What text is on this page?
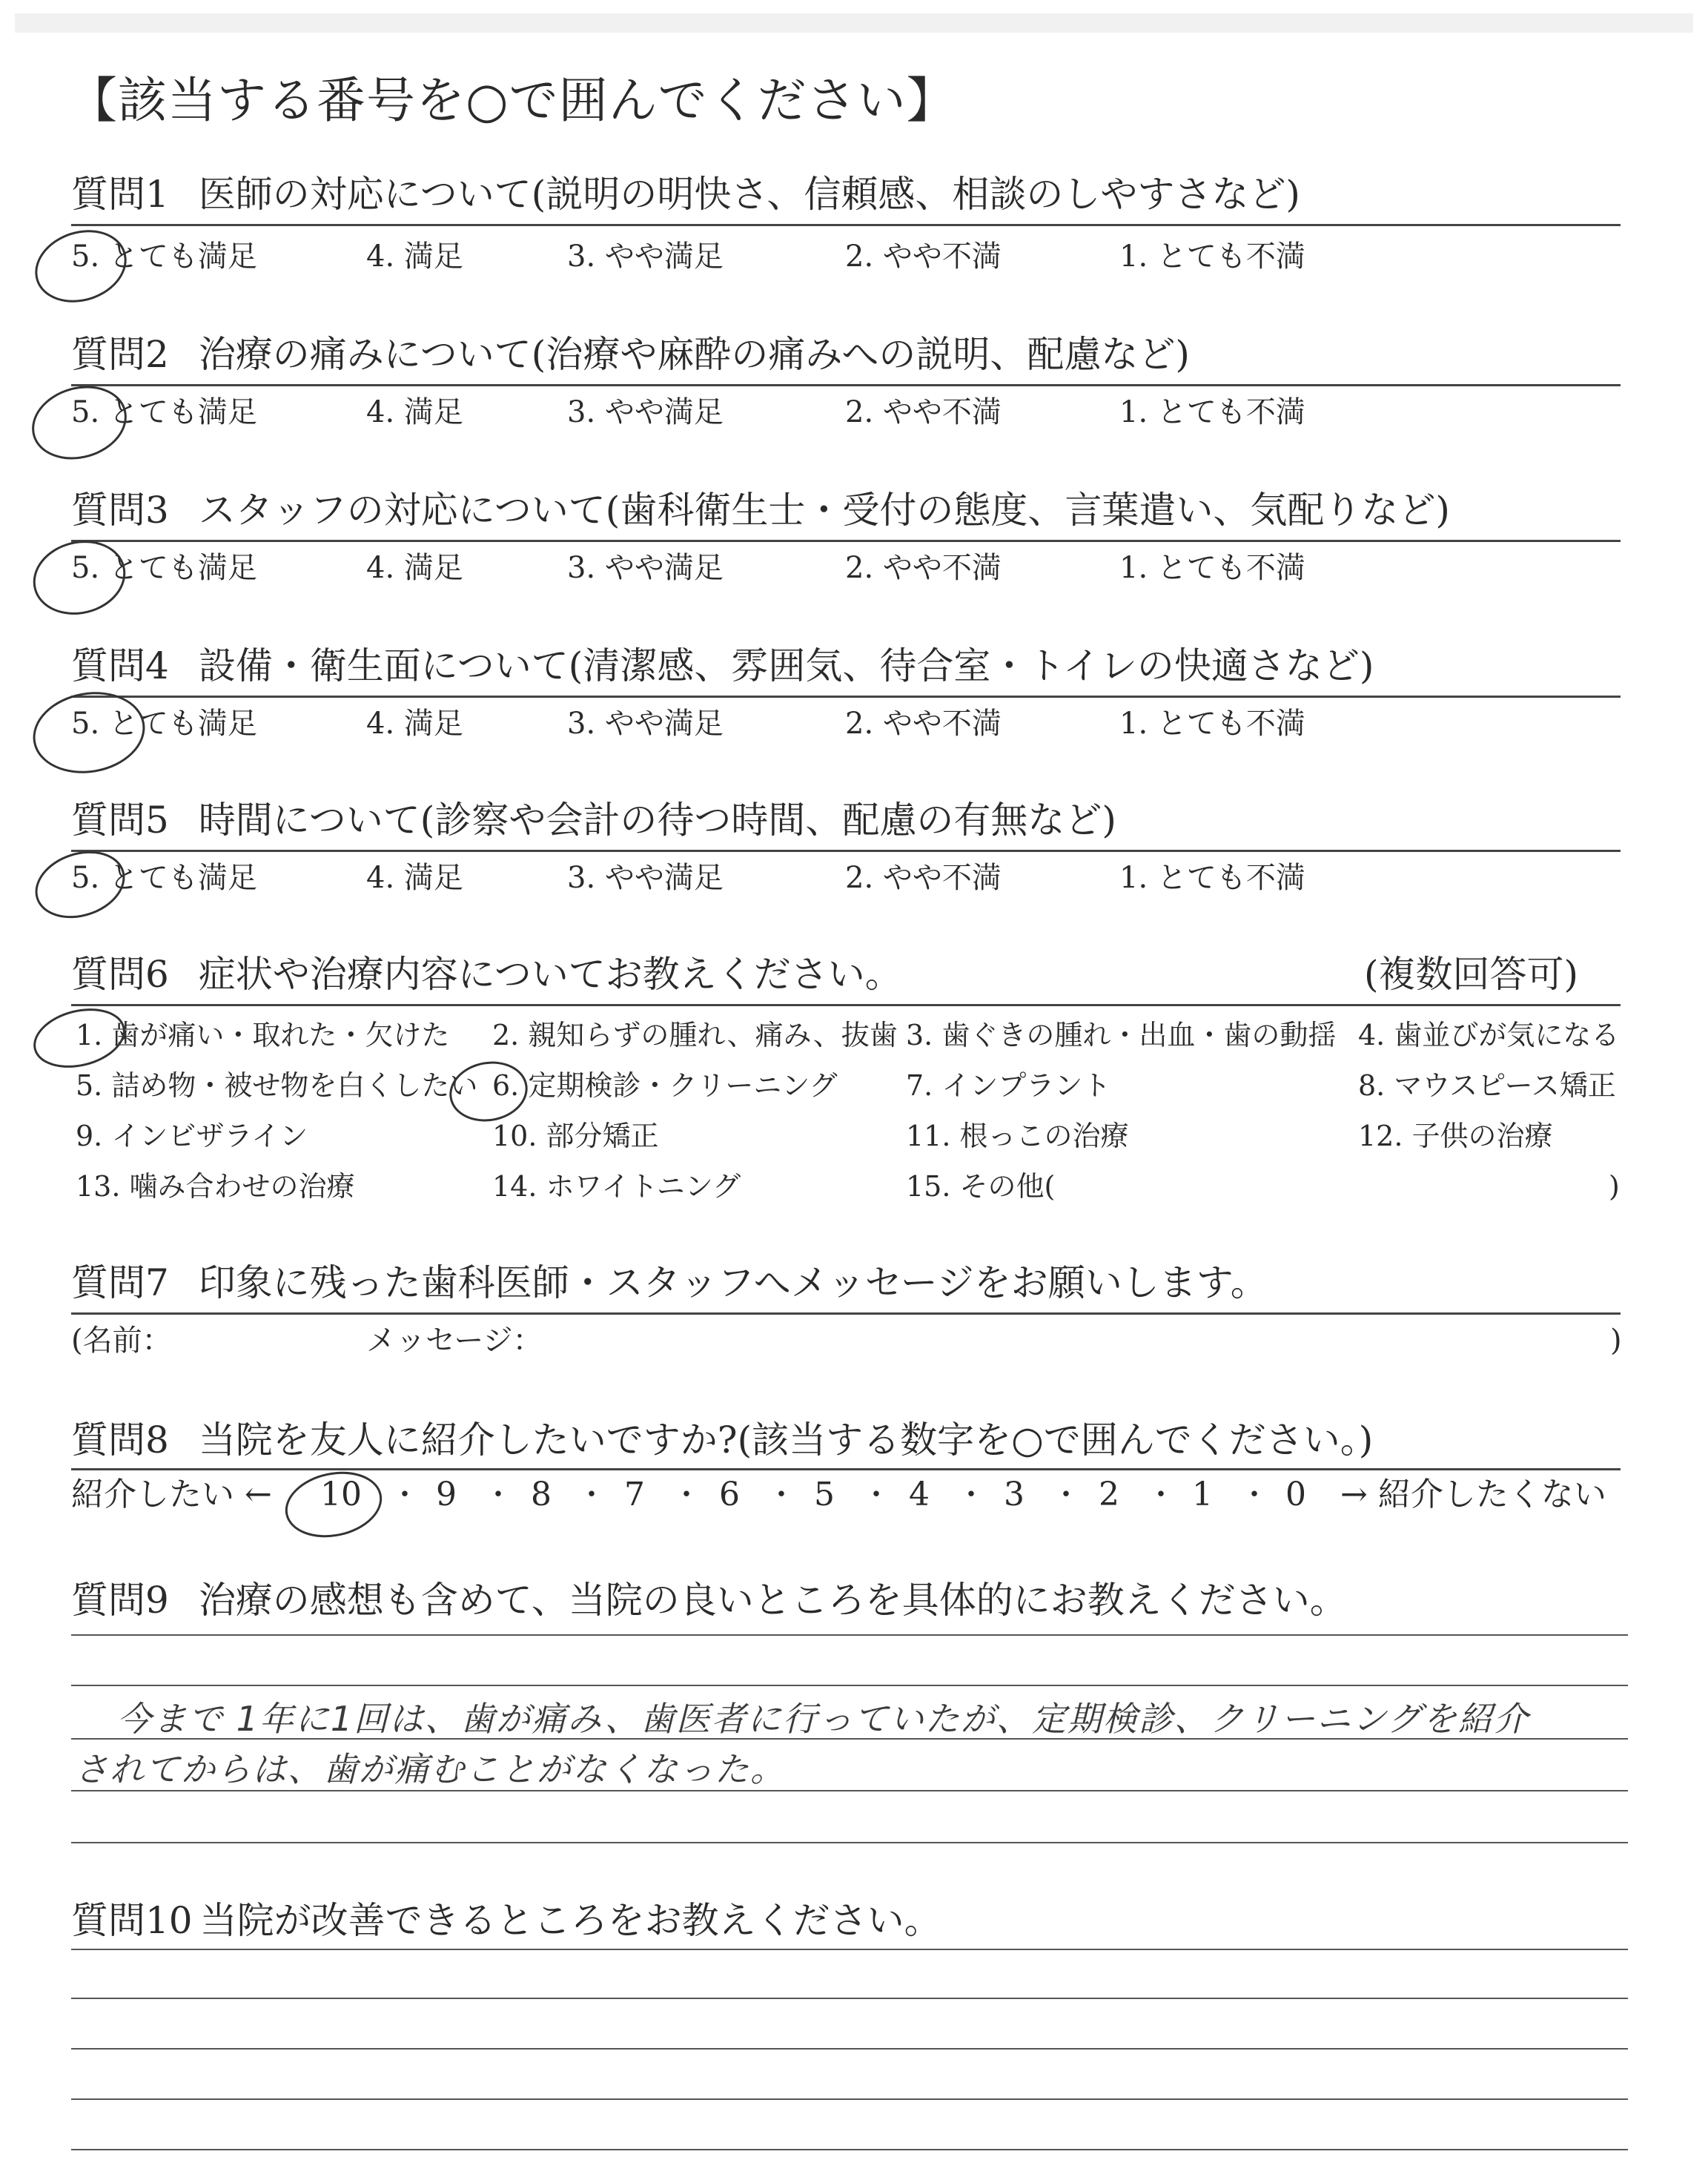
【該当する番号を○で囲んでください】
質問1 医師の対応について(説明の明快さ、信頼感、相談のしやすさなど)
5. とても満足	4. 満足	3. やや満足	2. やや不満	1. とても不満
質問2 治療の痛みについて(治療や麻酔の痛みへの説明、配慮など)
5. とても満足	4. 満足	3. やや満足	2. やや不満	1. とても不満
質問3 スタッフの対応について(歯科衛生士・受付の態度、言葉遣い、気配りなど)
5. とても満足	4. 満足	3. やや満足	2. やや不満	1. とても不満
質問4 設備・衛生面について(清潔感、雰囲気、待合室・トイレの快適さなど)
5. とても満足	4. 満足	3. やや満足	2. やや不満	1. とても不満
質問5 時間について(診察や会計の待つ時間、配慮の有無など)
5. とても満足	4. 満足	3. やや満足	2. やや不満	1. とても不満
質問6 症状や治療内容についてお教えください。	(複数回答可)
1. 歯が痛い・取れた・欠けた 2. 親知らずの腫れ、痛み、抜歯 3. 歯ぐきの腫れ・出血・歯の動揺 4. 歯並びが気になる
5. 詰め物・被せ物を白くしたい 6. 定期検診・クリーニング 7. インプラント	8. マウスピース矯正
9. インビザライン	10. 部分矯正	11. 根っこの治療	12. 子供の治療
13. 噛み合わせの治療	14. ホワイトニング	15. その他(	)
質問7 印象に残った歯科医師・スタッフへメッセージをお願いします。
(名前：	メッセージ：	)
質問8 当院を友人に紹介したいですか?(該当する数字を○で囲んでください。)
紹介したい ← 10 ・ 9 ・ 8 ・ 7 ・ 6 ・ 5 ・ 4 ・ 3 ・ 2 ・ 1 ・ 0 → 紹介したくない
質問9 治療の感想も含めて、当院の良いところを具体的にお教えください。
今まで 1年に1回は、歯が痛み、歯医者に行っていたが、定期検診、クリーニングを紹介
されてからは、歯が痛むことがなくなった。
質問10 当院が改善できるところをお教えください。
